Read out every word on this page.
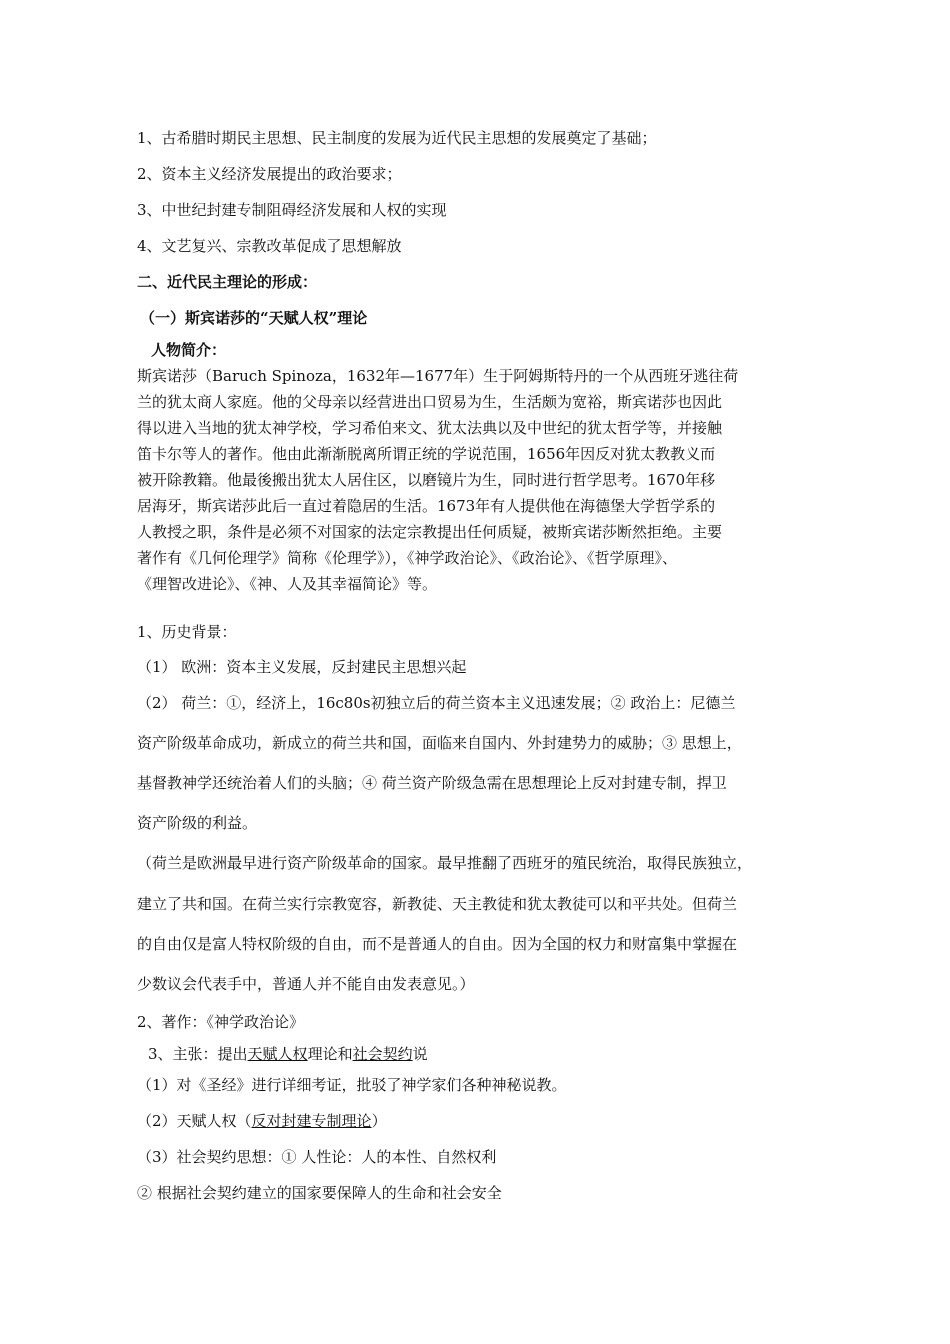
1、古希腊时期民主思想、民主制度的发展为近代民主思想的发展奠定了基础；
2、资本主义经济发展提出的政治要求；
3、中世纪封建专制阻碍经济发展和人权的实现
4、文艺复兴、宗教改革促成了思想解放
二、近代民主理论的形成：
（一）斯宾诺莎的“天赋人权”理论
人物简介：
斯宾诺莎（Baruch Spinoza，1632年—1677年）生于阿姆斯特丹的一个从西班牙逃往荷
兰的犹太商人家庭。他的父母亲以经营进出口贸易为生，生活颇为宽裕，斯宾诺莎也因此
得以进入当地的犹太神学校，学习希伯来文、犹太法典以及中世纪的犹太哲学等，并接触
笛卡尔等人的著作。他由此渐渐脱离所谓正统的学说范围，1656年因反对犹太教教义而
被开除教籍。他最後搬出犹太人居住区，以磨镜片为生，同时进行哲学思考。1670年移
居海牙，斯宾诺莎此后一直过着隐居的生活。1673年有人提供他在海德堡大学哲学系的
人教授之职，条件是必须不对国家的法定宗教提出任何质疑，被斯宾诺莎断然拒绝。主要
著作有《几何伦理学》简称《伦理学》），《神学政治论》、《政治论》、《哲学原理》、
《理智改进论》、《神、人及其幸福简论》等。
1、历史背景：
（1） 欧洲：资本主义发展，反封建民主思想兴起
（2） 荷兰：①，经济上，16c80s初独立后的荷兰资本主义迅速发展；② 政治上：尼德兰
资产阶级革命成功，新成立的荷兰共和国，面临来自国内、外封建势力的威胁；③ 思想上，
基督教神学还统治着人们的头脑；④ 荷兰资产阶级急需在思想理论上反对封建专制，捍卫
资产阶级的利益。
（荷兰是欧洲最早进行资产阶级革命的国家。最早推翻了西班牙的殖民统治，取得民族独立，
建立了共和国。在荷兰实行宗教宽容，新教徒、天主教徒和犹太教徒可以和平共处。但荷兰
的自由仅是富人特权阶级的自由，而不是普通人的自由。因为全国的权力和财富集中掌握在
少数议会代表手中，普通人并不能自由发表意见。）
2、著作：《神学政治论》
3、主张：提出天赋人权理论和社会契约说
（1）对《圣经》进行详细考证，批驳了神学家们各种神秘说教。
（2）天赋人权（反对封建专制理论）
（3）社会契约思想：① 人性论：人的本性、自然权利
② 根据社会契约建立的国家要保障人的生命和社会安全
